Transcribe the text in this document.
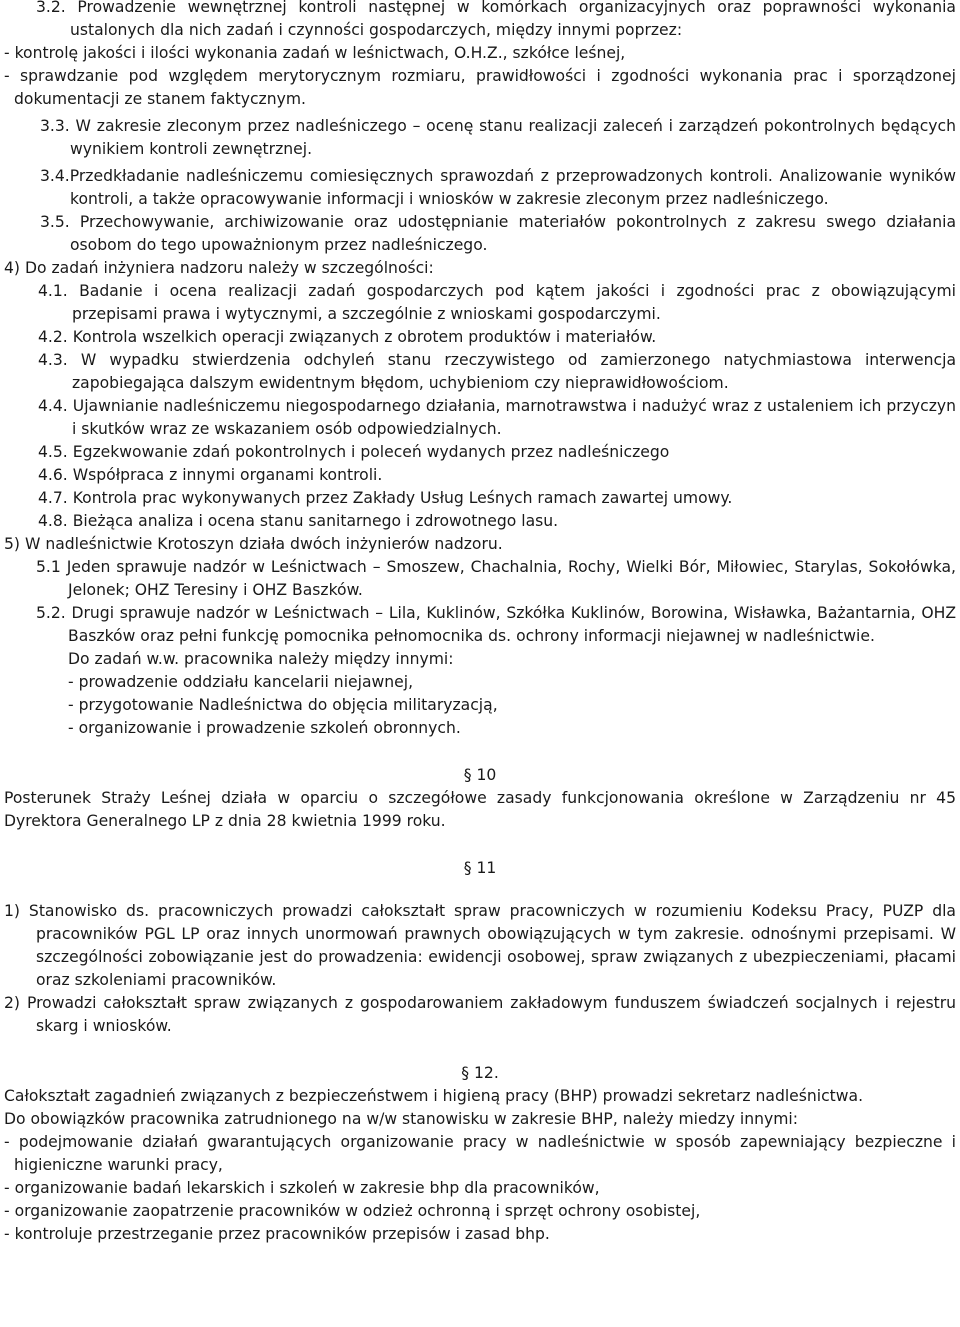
3.2. Prowadzenie wewnętrznej kontroli następnej w komórkach organizacyjnych oraz poprawności wykonania ustalonych dla nich zadań i czynności gospodarczych, między innymi poprzez:

- kontrolę jakości i ilości wykonania zadań w leśnictwach, O.H.Z., szkółce leśnej,

- sprawdzanie pod względem merytorycznym rozmiaru, prawidłowości i zgodności wykonania prac i sporządzonej dokumentacji ze stanem faktycznym.

3.3. W zakresie zleconym przez nadleśniczego – ocenę stanu realizacji zaleceń i zarządzeń pokontrolnych będących wynikiem kontroli zewnętrznej.

3.4.Przedkładanie nadleśniczemu comiesięcznych sprawozdań z przeprowadzonych kontroli. Analizowanie wyników kontroli, a także opracowywanie informacji i wniosków w zakresie zleconym przez nadleśniczego.

3.5. Przechowywanie, archiwizowanie oraz udostępnianie materiałów pokontrolnych z zakresu swego działania osobom do tego upoważnionym przez nadleśniczego.

4) Do zadań inżyniera nadzoru należy w szczególności:

4.1. Badanie i ocena realizacji zadań gospodarczych pod kątem jakości i zgodności prac z obowiązującymi przepisami prawa i wytycznymi, a szczególnie z wnioskami gospodarczymi.

4.2. Kontrola wszelkich operacji związanych z obrotem produktów i materiałów.

4.3. W wypadku stwierdzenia odchyleń stanu rzeczywistego od zamierzonego natychmiastowa interwencja zapobiegająca dalszym ewidentnym błędom, uchybieniom czy nieprawidłowościom.

4.4. Ujawnianie nadleśniczemu niegospodarnego działania, marnotrawstwa i nadużyć wraz z ustaleniem ich przyczyn i skutków wraz ze wskazaniem osób odpowiedzialnych.

4.5. Egzekwowanie zdań pokontrolnych i poleceń wydanych przez nadleśniczego

4.6. Współpraca z innymi organami kontroli.

4.7. Kontrola prac wykonywanych przez Zakłady Usług Leśnych ramach zawartej umowy.

4.8. Bieżąca analiza i ocena stanu sanitarnego i zdrowotnego lasu.

5) W nadleśnictwie Krotoszyn działa dwóch inżynierów nadzoru.

5.1 Jeden sprawuje nadzór w Leśnictwach – Smoszew, Chachalnia, Rochy, Wielki Bór, Miłowiec, Starylas, Sokołówka, Jelonek; OHZ Teresiny i OHZ Baszków.

5.2. Drugi sprawuje nadzór w Leśnictwach – Lila, Kuklinów, Szkółka Kuklinów, Borowina, Wisławka, Bażantarnia, OHZ Baszków oraz pełni funkcję pomocnika pełnomocnika ds. ochrony informacji niejawnej w nadleśnictwie.

Do zadań w.w. pracownika należy między innymi:

- prowadzenie oddziału kancelarii niejawnej,

- przygotowanie Nadleśnictwa do objęcia militaryzacją,

- organizowanie i prowadzenie szkoleń obronnych.

§ 10

Posterunek Straży Leśnej działa w oparciu o szczegółowe zasady funkcjonowania określone w Zarządzeniu nr 45 Dyrektora Generalnego LP z dnia 28 kwietnia 1999 roku.

§ 11

1) Stanowisko ds. pracowniczych prowadzi całokształt spraw pracowniczych w rozumieniu Kodeksu Pracy, PUZP dla pracowników PGL LP oraz innych unormowań prawnych obowiązujących w tym zakresie. odnośnymi przepisami. W szczególności zobowiązanie jest do prowadzenia: ewidencji osobowej, spraw związanych z ubezpieczeniami, płacami oraz szkoleniami pracowników.

2) Prowadzi całokształt spraw związanych z gospodarowaniem zakładowym funduszem świadczeń socjalnych i rejestru skarg i wniosków.

§ 12.

Całokształt zagadnień związanych z bezpieczeństwem i higieną pracy (BHP) prowadzi sekretarz nadleśnictwa.

Do obowiązków pracownika zatrudnionego na w/w stanowisku w zakresie BHP, należy miedzy innymi:

- podejmowanie działań gwarantujących organizowanie pracy w nadleśnictwie w sposób zapewniający bezpieczne i higieniczne warunki pracy,

- organizowanie badań lekarskich i szkoleń w zakresie bhp dla pracowników,

- organizowanie zaopatrzenie pracowników w odzież ochronną i sprzęt ochrony osobistej,

- kontroluje przestrzeganie przez pracowników przepisów i zasad bhp.
